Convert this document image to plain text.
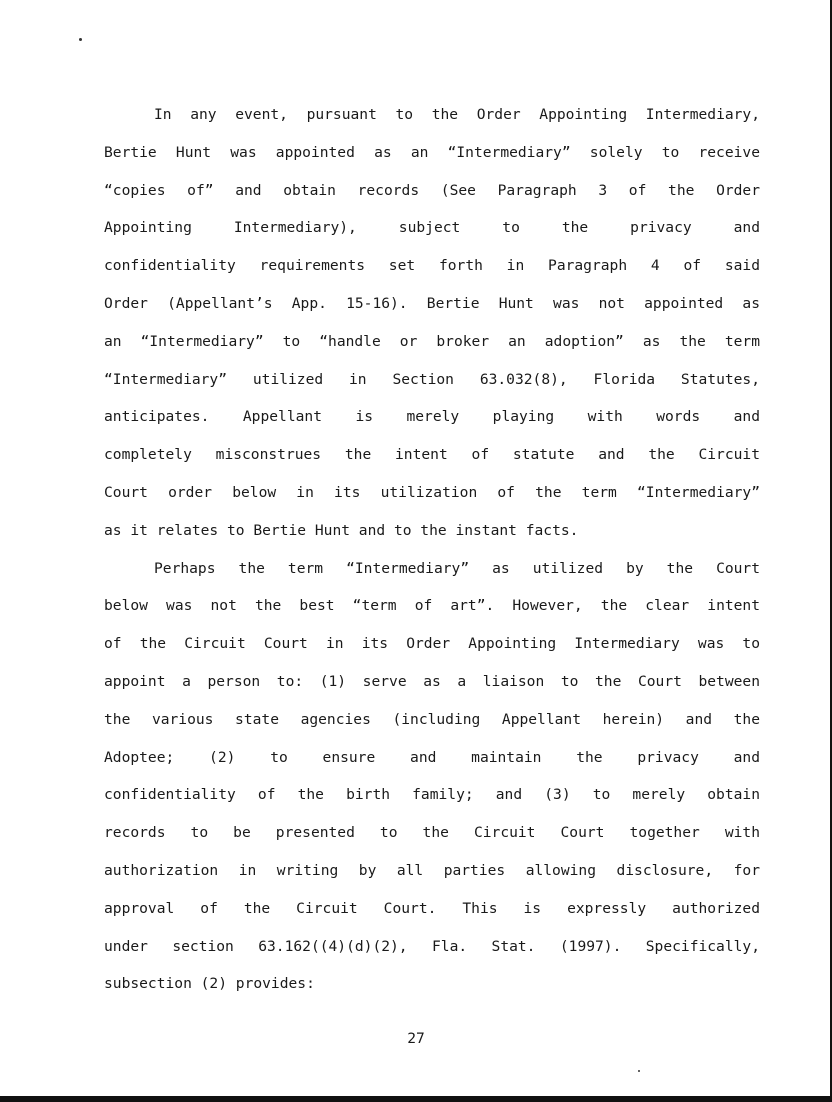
In any event, pursuant to the Order Appointing Intermediary,
Bertie Hunt was appointed as an “Intermediary” solely to receive
“copies of” and obtain records (See Paragraph 3 of the Order
Appointing Intermediary), subject to the privacy and
confidentiality requirements set forth in Paragraph 4 of said
Order (Appellant’s App. 15-16). Bertie Hunt was not appointed as
an “Intermediary” to “handle or broker an adoption” as the term
“Intermediary” utilized in Section 63.032(8), Florida Statutes,
anticipates. Appellant is merely playing with words and
completely misconstrues the intent of statute and the Circuit
Court order below in its utilization of the term “Intermediary”
as it relates to Bertie Hunt and to the instant facts.
Perhaps the term “Intermediary” as utilized by the Court
below was not the best “term of art”. However, the clear intent
of the Circuit Court in its Order Appointing Intermediary was to
appoint a person to: (1) serve as a liaison to the Court between
the various state agencies (including Appellant herein) and the
Adoptee; (2) to ensure and maintain the privacy and
confidentiality of the birth family; and (3) to merely obtain
records to be presented to the Circuit Court together with
authorization in writing by all parties allowing disclosure, for
approval of the Circuit Court. This is expressly authorized
under section 63.162((4)(d)(2), Fla. Stat. (1997). Specifically,
subsection (2) provides:
27
